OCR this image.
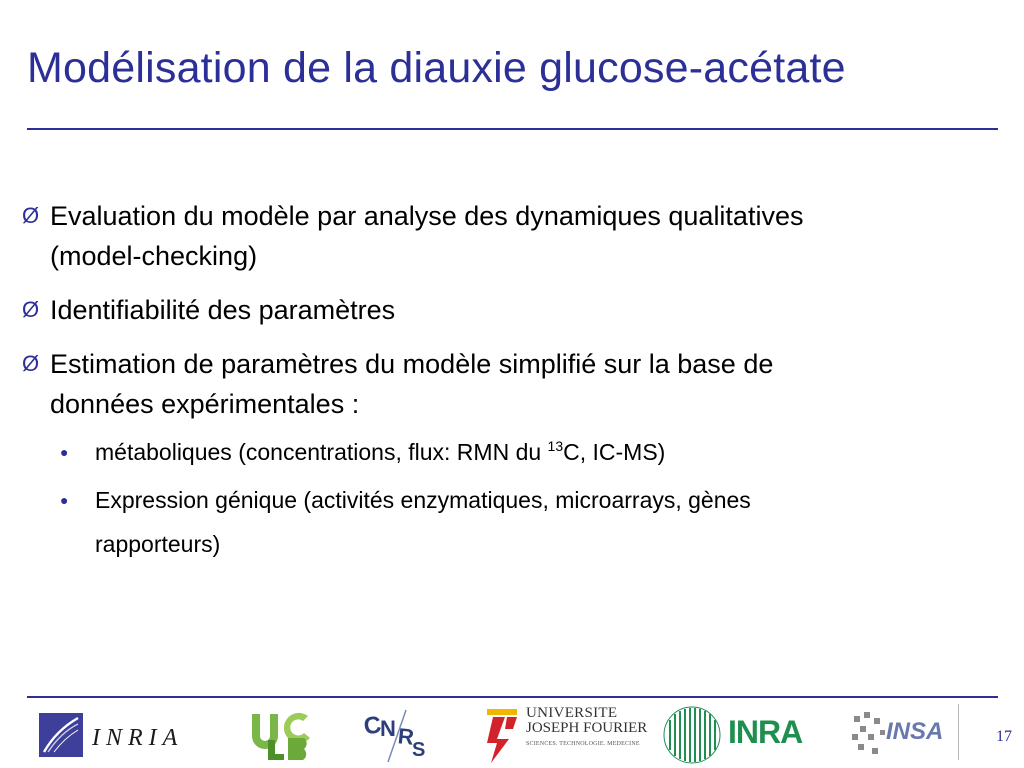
Modélisation de la diauxie glucose-acétate
Ø Evaluation du modèle par analyse des dynamiques qualitatives
(model-checking)
Ø Identifiabilité des paramètres
Ø Estimation de paramètres du modèle simplifié sur la base de
données expérimentales :
● métaboliques (concentrations, flux: RMN du $^{13}$C, IC-MS)
● Expression génique (activités enzymatiques, microarrays, gènes
rapporteurs)
INRIA	C
N R
S
UNIVERSITE
JOSEPH FOURIER
SCIENCES. TECHNOLOGIE. MEDECINE	INRA	INSA	17
